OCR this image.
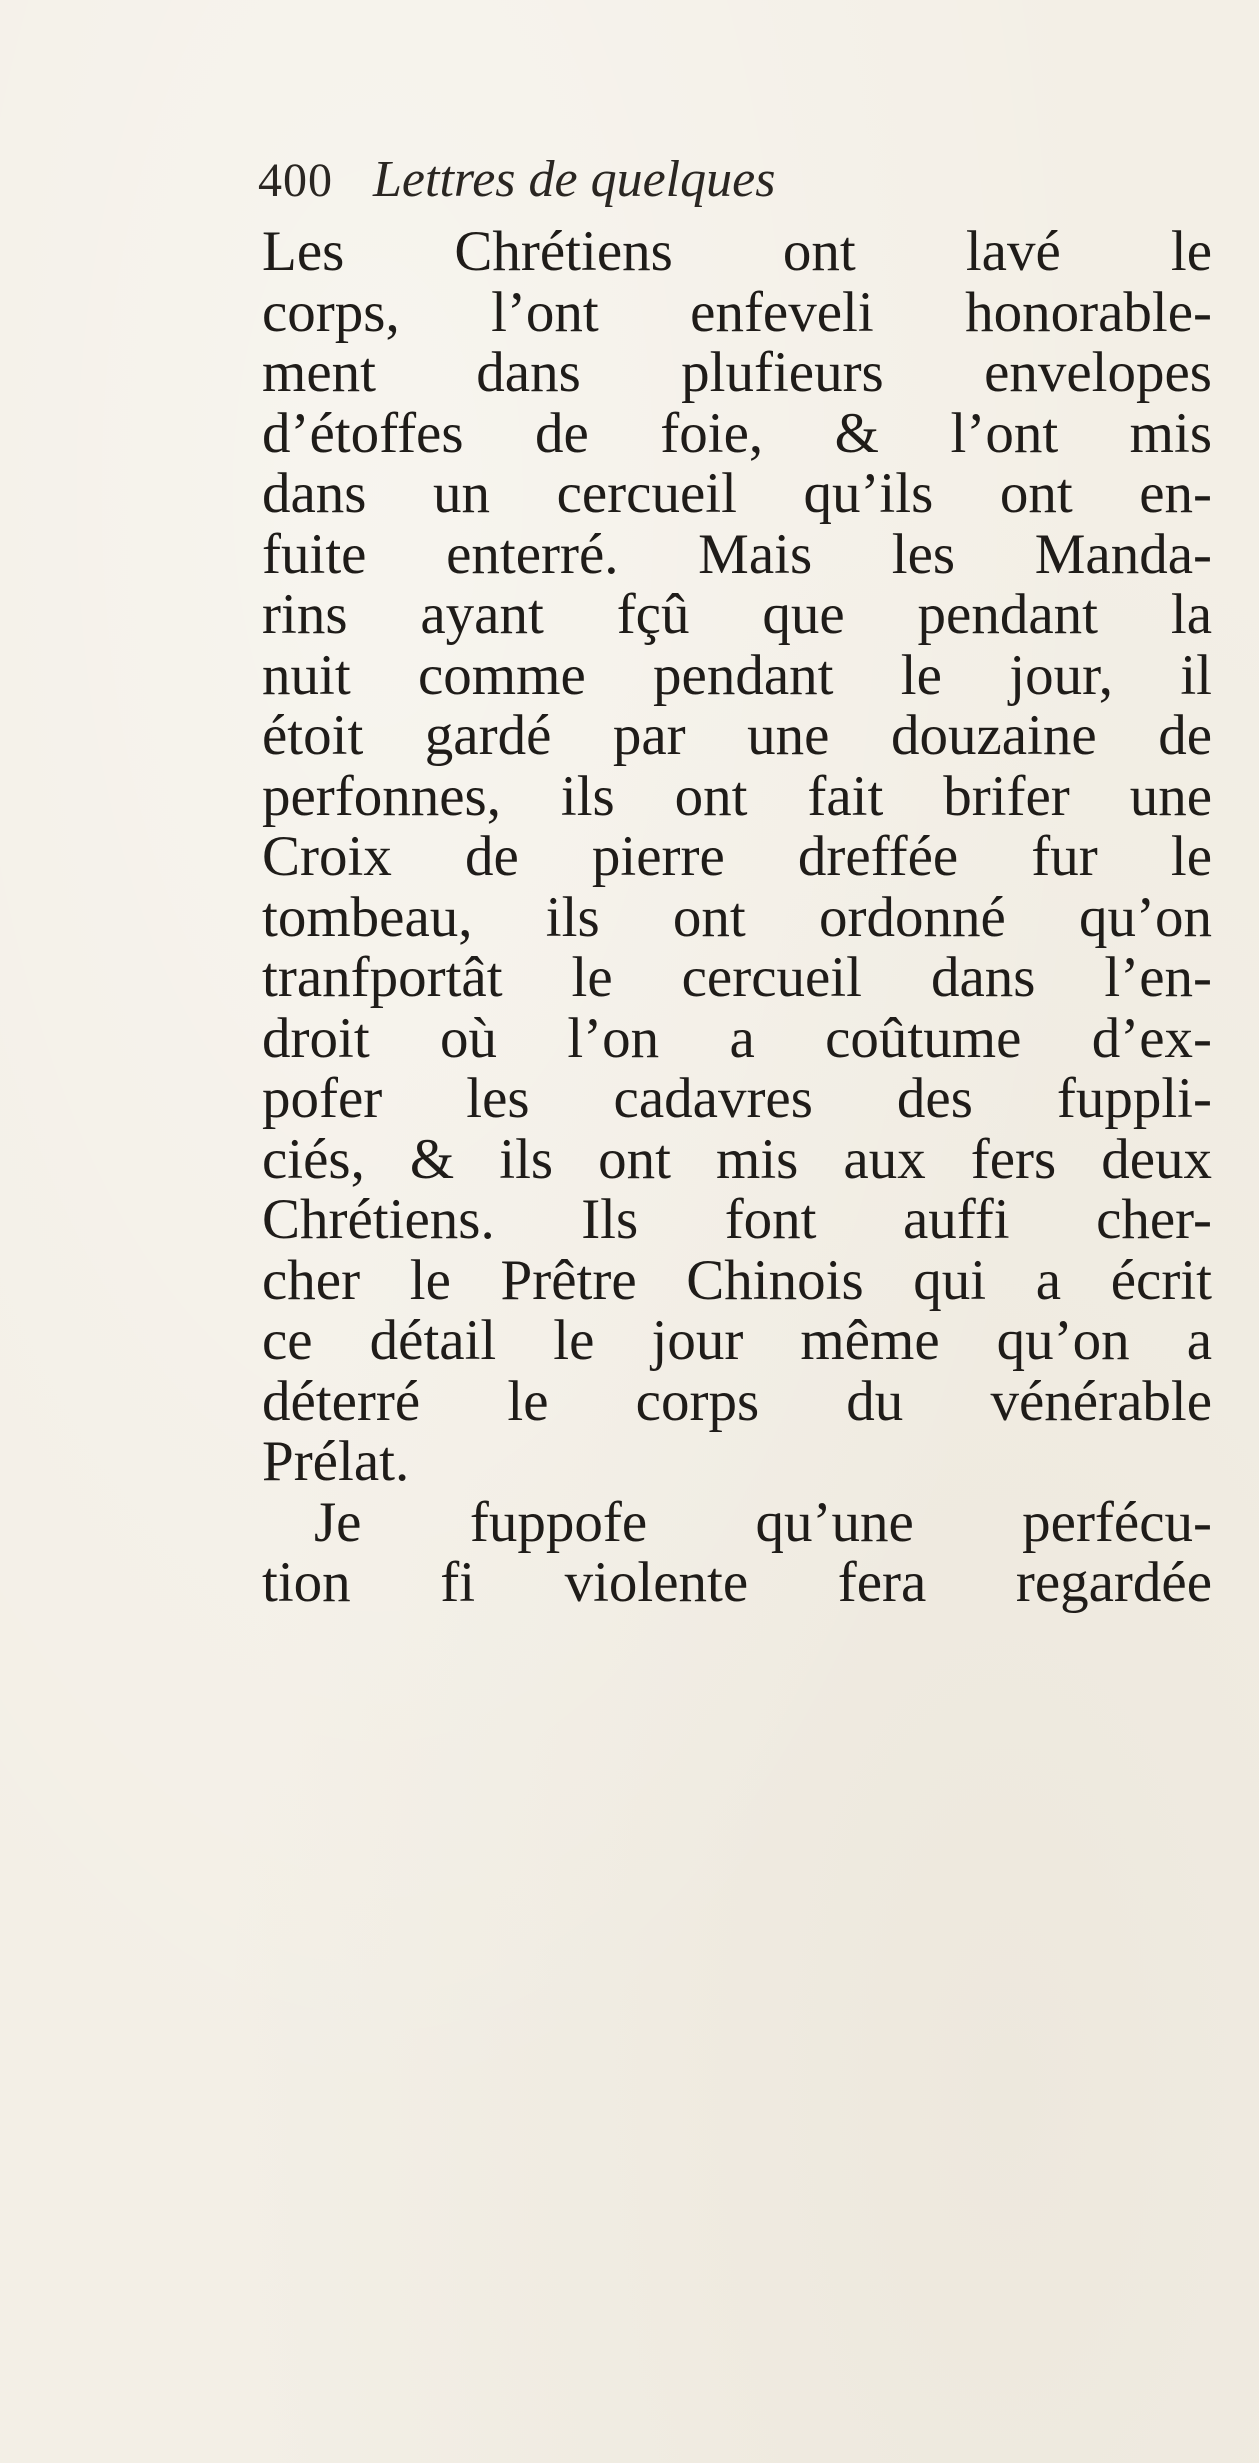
400 Lettres de quelques
Les Chrétiens ont lavé le
corps, l’ont enfeveli honorable-
ment dans plufieurs envelopes
d’étoffes de foie, & l’ont mis
dans un cercueil qu’ils ont en-
fuite enterré. Mais les Manda-
rins ayant fçû que pendant la
nuit comme pendant le jour, il
étoit gardé par une douzaine de
perfonnes, ils ont fait brifer une
Croix de pierre dreffée fur le
tombeau, ils ont ordonné qu’on
tranfportât le cercueil dans l’en-
droit où l’on a coûtume d’ex-
pofer les cadavres des fuppli-
ciés, & ils ont mis aux fers deux
Chrétiens. Ils font auffi cher-
cher le Prêtre Chinois qui a écrit
ce détail le jour même qu’on a
déterré le corps du vénérable
Prélat.
Je fuppofe qu’une perfécu-
tion fi violente fera regardée
